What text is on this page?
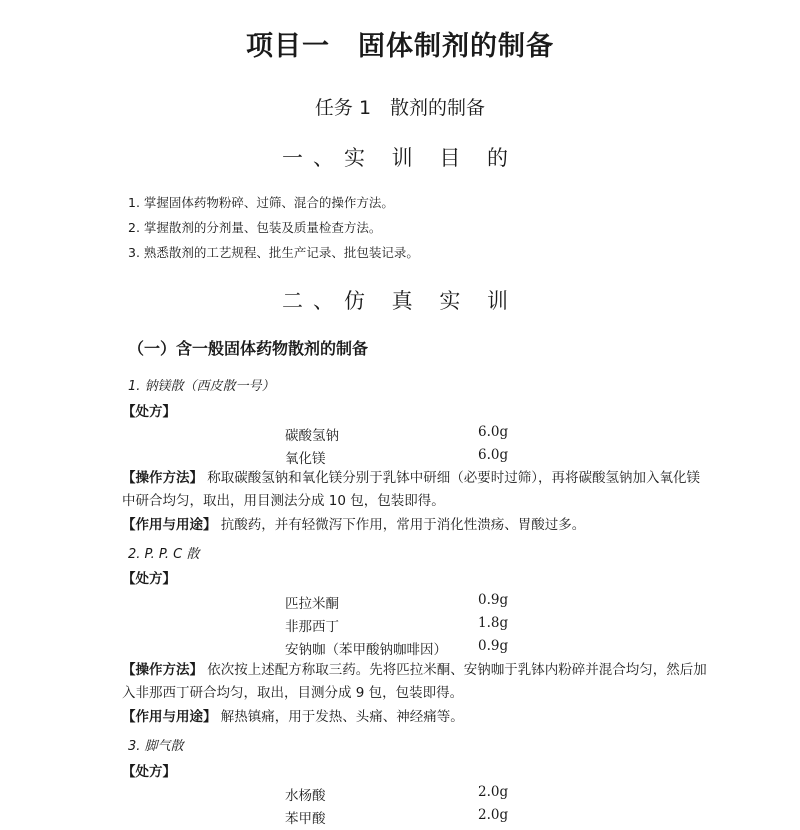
项目一　固体制剂的制备
任务 1　散剂的制备
一、实 训 目 的
1. 掌握固体药物粉碎、过筛、混合的操作方法。
2. 掌握散剂的分剂量、包装及质量检查方法。
3. 熟悉散剂的工艺规程、批生产记录、批包装记录。
二、仿 真 实 训
（一）含一般固体药物散剂的制备
1. 钠镁散（西皮散一号）
【处方】
碳酸氢钠	6.0g
氧化镁	6.0g
【操作方法】 称取碳酸氢钠和氧化镁分别于乳钵中研细（必要时过筛），再将碳酸氢钠加入氧化镁中研合均匀，取出，用目测法分成 10 包，包装即得。
【作用与用途】 抗酸药，并有轻微泻下作用，常用于消化性溃疡、胃酸过多。
2. P. P. C 散
【处方】
匹拉米酮	0.9g
非那西丁	1.8g
安钠咖（苯甲酸钠咖啡因） 0.9g
【操作方法】 依次按上述配方称取三药。先将匹拉米酮、安钠咖于乳钵内粉碎并混合均匀，然后加入非那西丁研合均匀，取出，目测分成 9 包，包装即得。
【作用与用途】 解热镇痛，用于发热、头痛、神经痛等。
3. 脚气散
【处方】
水杨酸	2.0g
苯甲酸	2.0g
